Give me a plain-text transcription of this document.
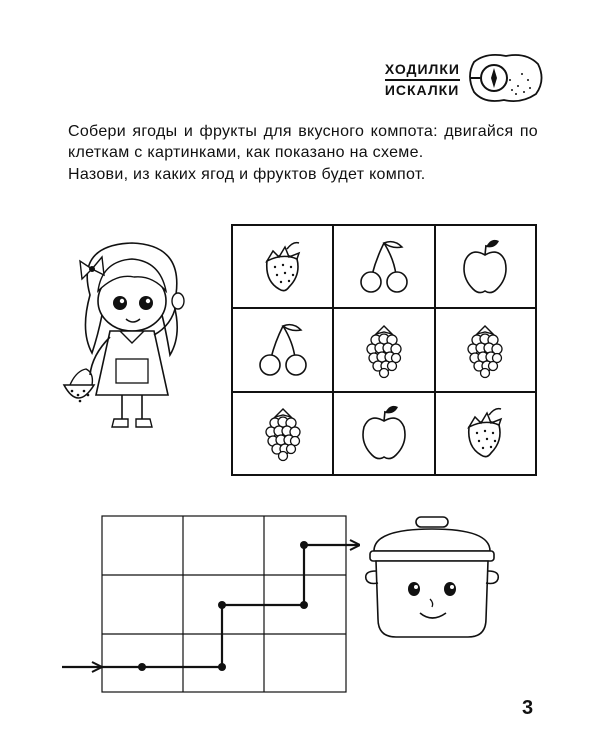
ХОДИЛКИ
ИСКАЛКИ

Собери ягоды и фрукты для вкусного компота: двигайся по клеткам с картинками, как показано на схеме.

Назови, из каких ягод и фруктов будет компот.

3
